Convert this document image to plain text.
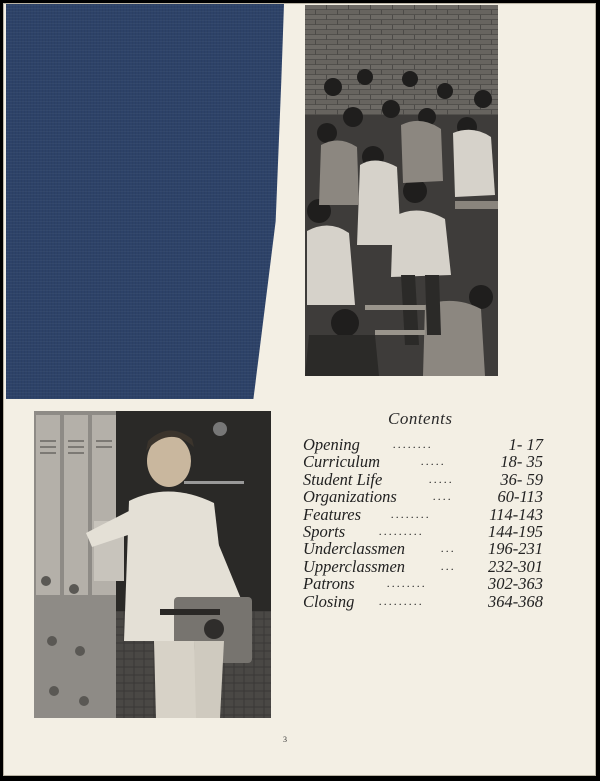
Contents
Opening	........	1- 17
Curriculum	.....	18- 35
Student Life	.....	36- 59
Organizations	....	60-113
Features ........	114-143
Sports	.........	144-195
Underclassmen	... 196-231
Upperclassmen	... 232-301
Patrons	........	302-363
Closing .........	364-368
3
